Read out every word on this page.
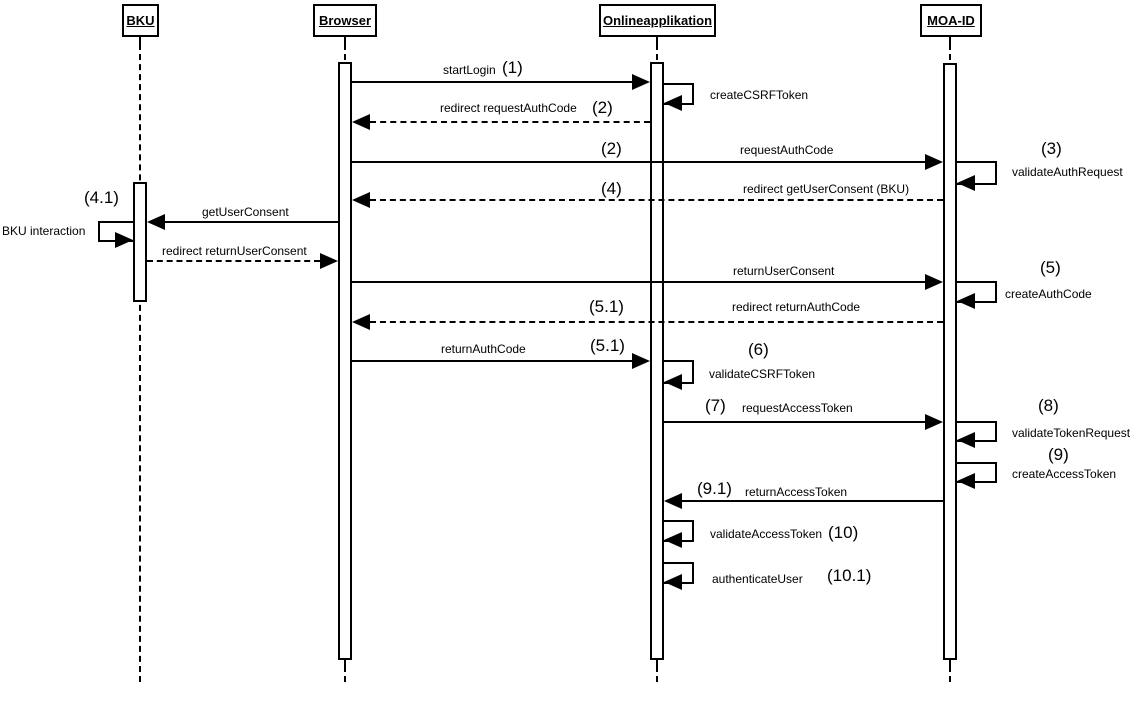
BKU	Browser	Onlineapplikation	MOA-ID
startLogin (1)
createCSRFToken
redirect requestAuthCode (2)
requestAuthCode
(2)
validateAuthRequest
(3)
redirect getUserConsent (BKU)
(4)
getUserConsent
BKU interaction
(4.1)
redirect returnUserConsent
returnUserConsent
createAuthCode
(5)
redirect returnAuthCode
(5.1)
returnAuthCode	(5.1)
validateCSRFToken
(6)
requestAccessToken
(7)
validateTokenRequest
(8)
createAccessToken
(9)
returnAccessToken
(9.1)
validateAccessToken (10)
authenticateUser (10.1)
